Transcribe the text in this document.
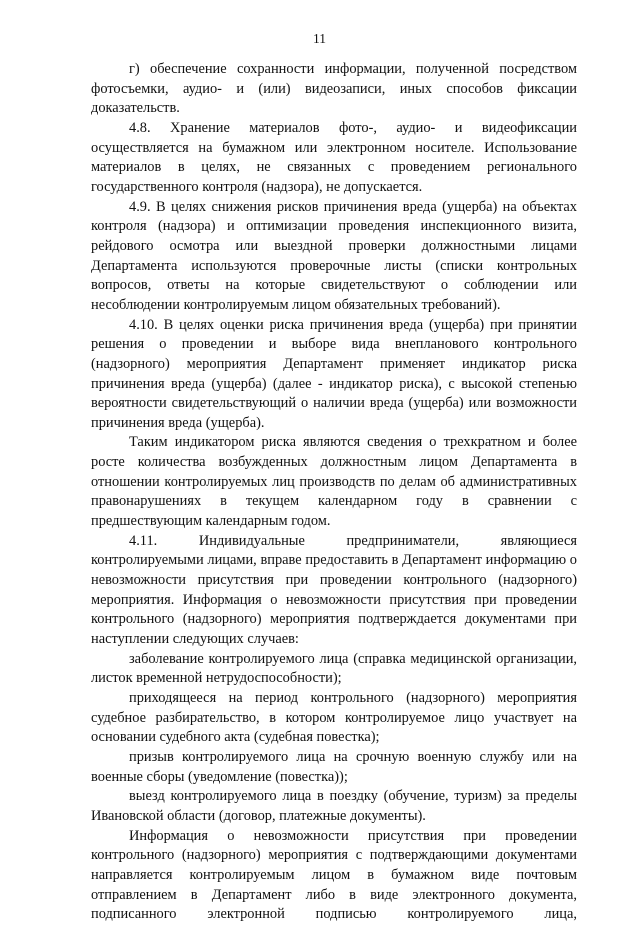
11

г) обеспечение сохранности информации, полученной посредством фотосъемки, аудио- и (или) видеозаписи, иных способов фиксации доказательств.

4.8. Хранение материалов фото-, аудио- и видеофиксации осуществляется на бумажном или электронном носителе. Использование материалов в целях, не связанных с проведением регионального государственного контроля (надзора), не допускается.

4.9. В целях снижения рисков причинения вреда (ущерба) на объектах контроля (надзора) и оптимизации проведения инспекционного визита, рейдового осмотра или выездной проверки должностными лицами Департамента используются проверочные листы (списки контрольных вопросов, ответы на которые свидетельствуют о соблюдении или несоблюдении контролируемым лицом обязательных требований).

4.10. В целях оценки риска причинения вреда (ущерба) при принятии решения о проведении и выборе вида внепланового контрольного (надзорного) мероприятия Департамент применяет индикатор риска причинения вреда (ущерба) (далее - индикатор риска), с высокой степенью вероятности свидетельствующий о наличии вреда (ущерба) или возможности причинения вреда (ущерба).

Таким индикатором риска являются сведения о трехкратном и более росте количества возбужденных должностным лицом Департамента в отношении контролируемых лиц производств по делам об административных правонарушениях в текущем календарном году в сравнении с предшествующим календарным годом.

4.11. Индивидуальные предприниматели, являющиеся контролируемыми лицами, вправе предоставить в Департамент информацию о невозможности присутствия при проведении контрольного (надзорного) мероприятия. Информация о невозможности присутствия при проведении контрольного (надзорного) мероприятия подтверждается документами при наступлении следующих случаев:

заболевание контролируемого лица (справка медицинской организации, листок временной нетрудоспособности);

приходящееся на период контрольного (надзорного) мероприятия судебное разбирательство, в котором контролируемое лицо участвует на основании судебного акта (судебная повестка);

призыв контролируемого лица на срочную военную службу или на военные сборы (уведомление (повестка));

выезд контролируемого лица в поездку (обучение, туризм) за пределы Ивановской области (договор, платежные документы).

Информация о невозможности присутствия при проведении контрольного (надзорного) мероприятия с подтверждающими документами направляется контролируемым лицом в бумажном виде почтовым отправлением в Департамент либо в виде электронного документа, подписанного электронной подписью контролируемого лица,
